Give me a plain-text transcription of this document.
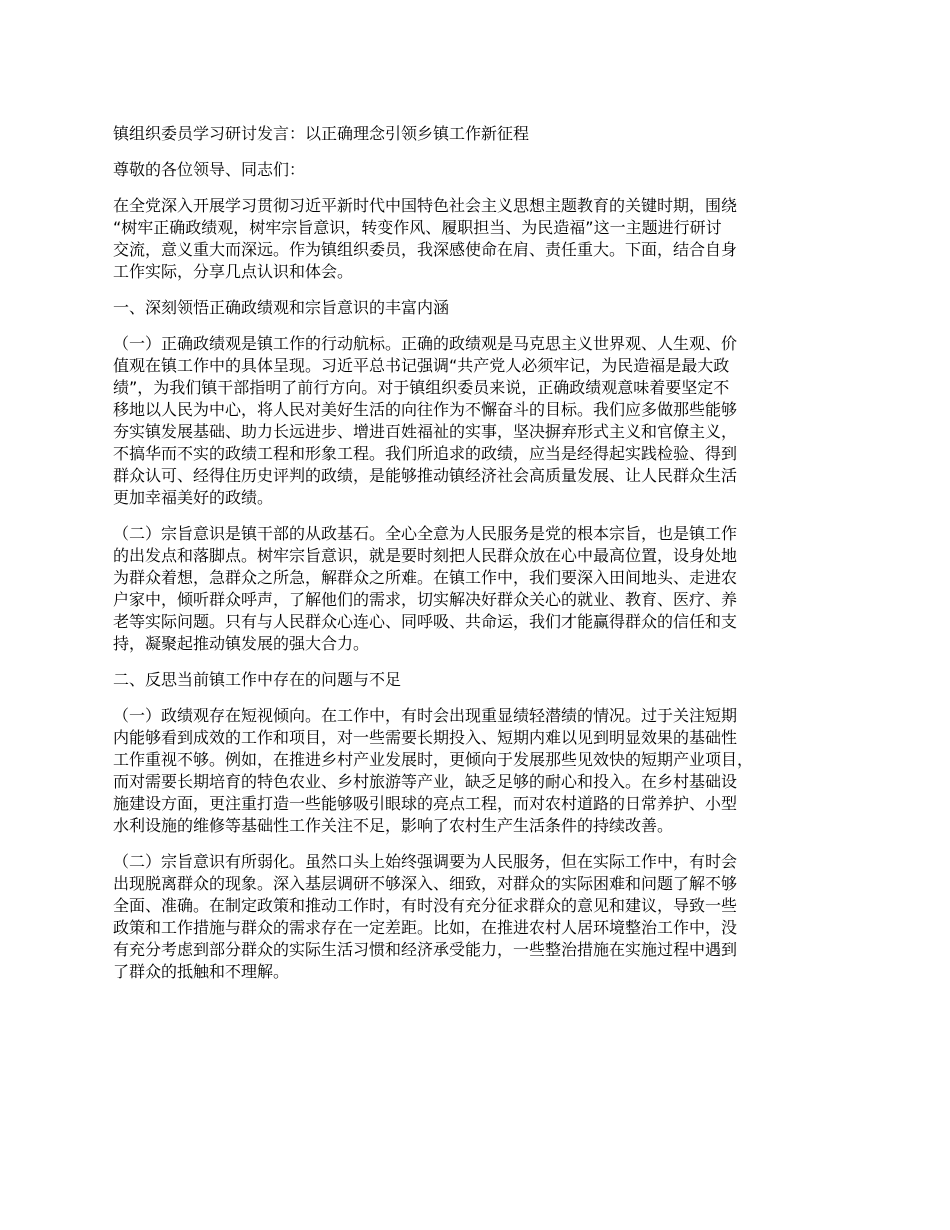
镇组织委员学习研讨发言：以正确理念引领乡镇工作新征程
尊敬的各位领导、同志们：
在全党深入开展学习贯彻习近平新时代中国特色社会主义思想主题教育的关键时期，围绕
“树牢正确政绩观，树牢宗旨意识，转变作风、履职担当、为民造福”这一主题进行研讨
交流，意义重大而深远。作为镇组织委员，我深感使命在肩、责任重大。下面，结合自身
工作实际，分享几点认识和体会。
一、深刻领悟正确政绩观和宗旨意识的丰富内涵
（一）正确政绩观是镇工作的行动航标。正确的政绩观是马克思主义世界观、人生观、价
值观在镇工作中的具体呈现。习近平总书记强调“共产党人必须牢记，为民造福是最大政
绩”，为我们镇干部指明了前行方向。对于镇组织委员来说，正确政绩观意味着要坚定不
移地以人民为中心，将人民对美好生活的向往作为不懈奋斗的目标。我们应多做那些能够
夯实镇发展基础、助力长远进步、增进百姓福祉的实事，坚决摒弃形式主义和官僚主义，
不搞华而不实的政绩工程和形象工程。我们所追求的政绩，应当是经得起实践检验、得到
群众认可、经得住历史评判的政绩，是能够推动镇经济社会高质量发展、让人民群众生活
更加幸福美好的政绩。
（二）宗旨意识是镇干部的从政基石。全心全意为人民服务是党的根本宗旨，也是镇工作
的出发点和落脚点。树牢宗旨意识，就是要时刻把人民群众放在心中最高位置，设身处地
为群众着想，急群众之所急，解群众之所难。在镇工作中，我们要深入田间地头、走进农
户家中，倾听群众呼声，了解他们的需求，切实解决好群众关心的就业、教育、医疗、养
老等实际问题。只有与人民群众心连心、同呼吸、共命运，我们才能赢得群众的信任和支
持，凝聚起推动镇发展的强大合力。
二、反思当前镇工作中存在的问题与不足
（一）政绩观存在短视倾向。在工作中，有时会出现重显绩轻潜绩的情况。过于关注短期
内能够看到成效的工作和项目，对一些需要长期投入、短期内难以见到明显效果的基础性
工作重视不够。例如，在推进乡村产业发展时，更倾向于发展那些见效快的短期产业项目，
而对需要长期培育的特色农业、乡村旅游等产业，缺乏足够的耐心和投入。在乡村基础设
施建设方面，更注重打造一些能够吸引眼球的亮点工程，而对农村道路的日常养护、小型
水利设施的维修等基础性工作关注不足，影响了农村生产生活条件的持续改善。
（二）宗旨意识有所弱化。虽然口头上始终强调要为人民服务，但在实际工作中，有时会
出现脱离群众的现象。深入基层调研不够深入、细致，对群众的实际困难和问题了解不够
全面、准确。在制定政策和推动工作时，有时没有充分征求群众的意见和建议，导致一些
政策和工作措施与群众的需求存在一定差距。比如，在推进农村人居环境整治工作中，没
有充分考虑到部分群众的实际生活习惯和经济承受能力，一些整治措施在实施过程中遇到
了群众的抵触和不理解。
